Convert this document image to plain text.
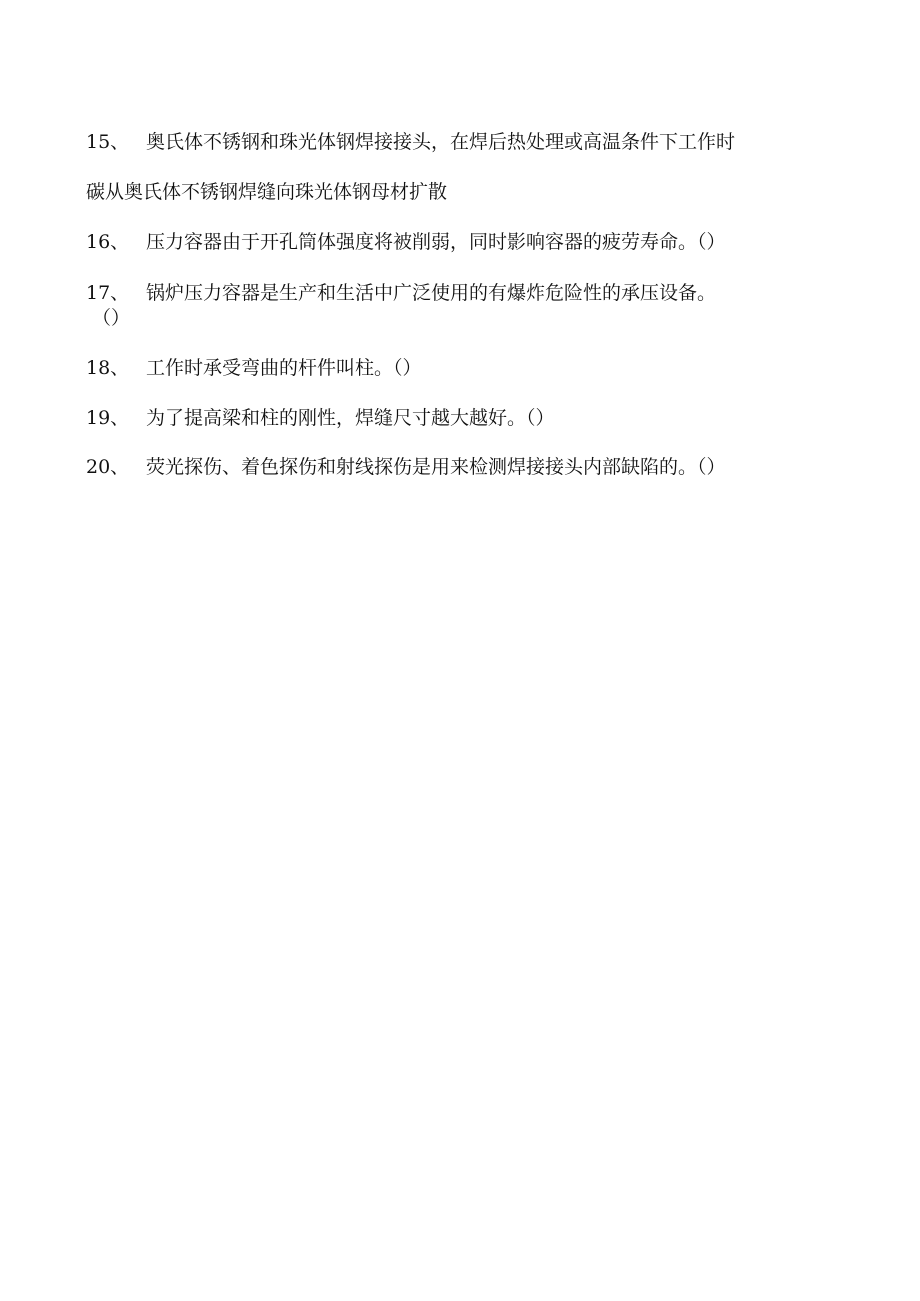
15、 奥氏体不锈钢和珠光体钢焊接接头，在焊后热处理或高温条件下工作时
碳从奥氏体不锈钢焊缝向珠光体钢母材扩散
16、 压力容器由于开孔筒体强度将被削弱，同时影响容器的疲劳寿命。（）
17、 锅炉压力容器是生产和生活中广泛使用的有爆炸危险性的承压设备。
（）
18、 工作时承受弯曲的杆件叫柱。（）
19、 为了提高梁和柱的刚性，焊缝尺寸越大越好。（）
20、 荧光探伤、着色探伤和射线探伤是用来检测焊接接头内部缺陷的。（）
